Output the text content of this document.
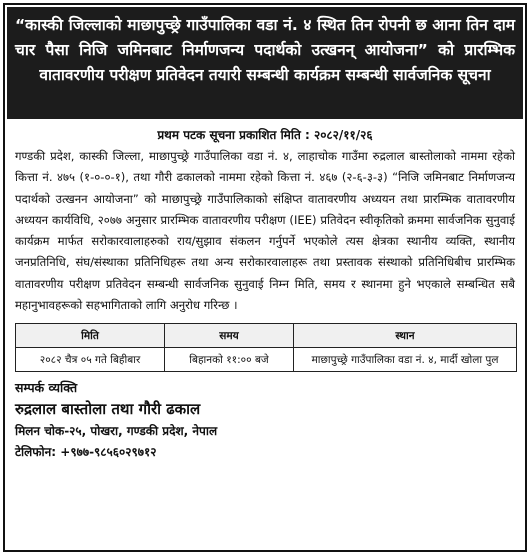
“कास्की जिल्लाको माछापुच्छ्रे गाउँपालिका वडा नं. ४ स्थित तिन रोपनी छ आना तिन दाम चार पैसा निजि जमिनबाट निर्माणजन्य पदार्थको उत्खनन् आयोजना” को प्रारम्भिक वातावरणीय परीक्षण प्रतिवेदन तयारी सम्बन्धी कार्यक्रम सम्बन्धी सार्वजनिक सूचना
प्रथम पटक सूचना प्रकाशित मिति : २०८२/११/२६
गण्डकी प्रदेश, कास्की जिल्ला, माछापुच्छ्रे गाउँपालिका वडा नं. ४, लाहाचोक गाउँमा रुद्रलाल बास्तोलाको नाममा रहेको कित्ता नं. ४७५ (१-०-०-१), तथा गौरी ढकालको नाममा रहेको कित्ता नं. ४६७ (२-६-३-३) “निजि जमिनबाट निर्माणजन्य पदार्थको उत्खनन आयोजना” को माछापुच्छ्रे गाउँपालिकाको संक्षिप्त वातावरणीय अध्ययन तथा प्रारम्भिक वातावरणीय अध्ययन कार्यविधि, २०७७ अनुसार प्रारम्भिक वातावरणीय परीक्षण (IEE) प्रतिवेदन स्वीकृतिको क्रममा सार्वजनिक सुनुवाई कार्यक्रम मार्फत सरोकारवालाहरुको राय/सुझाव संकलन गर्नुपर्ने भएकोले त्यस क्षेत्रका स्थानीय व्यक्ति, स्थानीय जनप्रतिनिधि, संघ/संस्थाका प्रतिनिधिहरू तथा अन्य सरोकारवालाहरू तथा प्रस्तावक संस्थाको प्रतिनिधिबीच प्रारम्भिक वातावरणीय परीक्षण प्रतिवेदन सम्बन्धी सार्वजनिक सुनुवाई निम्न मिति, समय र स्थानमा हुने भएकाले सम्बन्धित सबै महानुभावहरूको सहभागिताको लागि अनुरोध गरिन्छ ।
मिति	समय	स्थान
२०८२ चैत्र ०५ गते बिहीबार	बिहानको ११:०० बजे	माछापुच्छ्रे गाउँपालिका वडा नं. ४, मार्दी खोला पुल
सम्पर्क व्यक्ति
रुद्रलाल बास्तोला तथा गौरी ढकाल
मिलन चोक-२५, पोखरा, गण्डकी प्रदेश, नेपाल
टेलिफोन: +९७७-९८५६०२९७१२
